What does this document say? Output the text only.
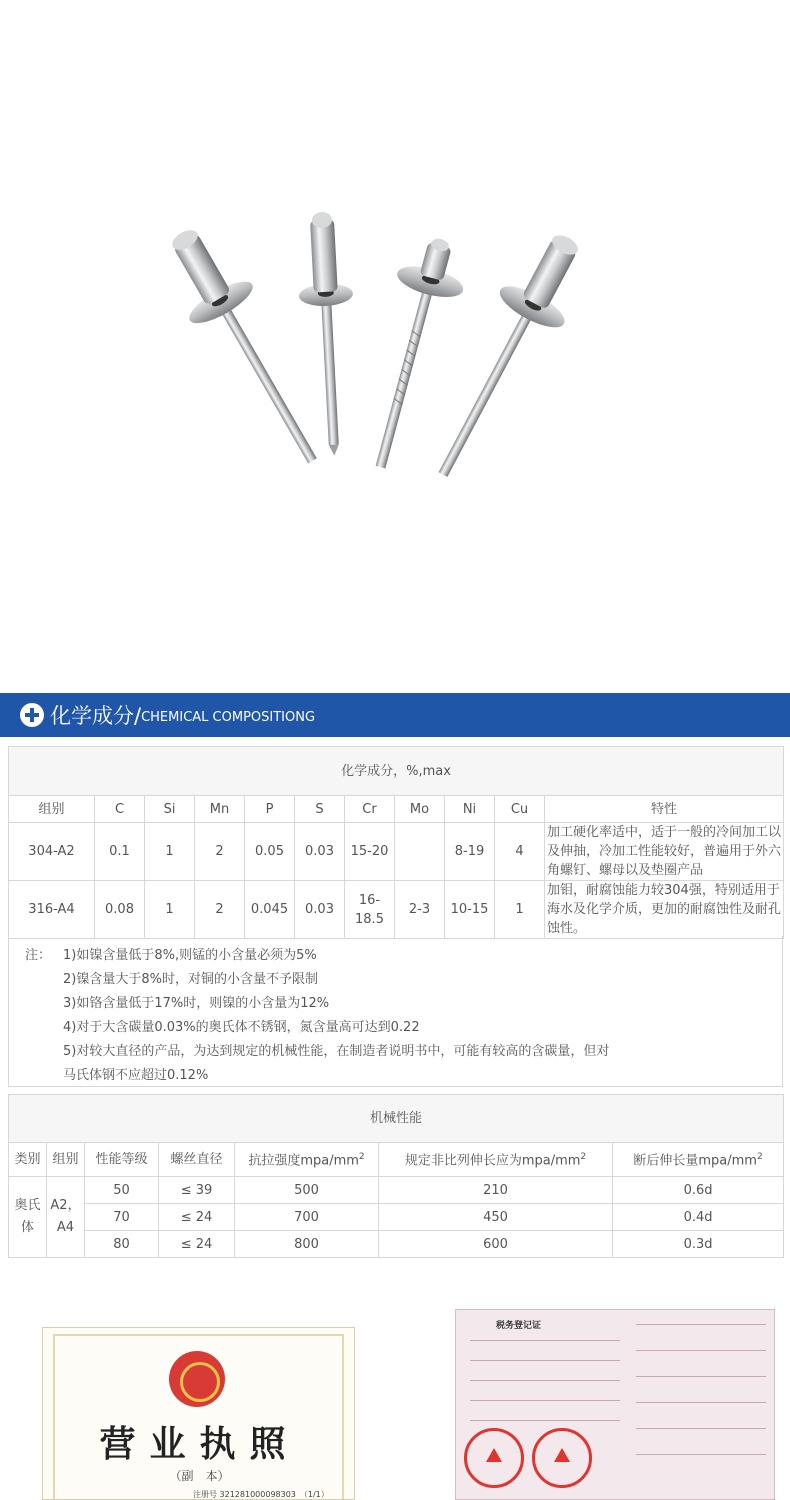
化学成分/ CHEMICAL COMPOSITIONG
化学成分，%,max										
组别	C	Si	Mn	P	S	Cr	Mo	Ni	Cu	特性
304-A2	0.1	1	2	0.05	0.03	15-20		8-19	4	加工硬化率适中，适于一般的冷间加工以及伸抽，冷加工性能较好，普遍用于外六角螺钉、螺母以及垫圈产品
316-A4	0.08	1	2	0.045	0.03	16-18.5	2-3	10-15	1	加钼，耐腐蚀能力较304强，特别适用于海水及化学介质，更加的耐腐蚀性及耐孔蚀性。
注： 1)如镍含量低于8%,则锰的小含量必须为5%
2)镍含量大于8%时，对铜的小含量不予限制
3)如铬含量低于17%时，则镍的小含量为12%
4)对于大含碳量0.03%的奥氏体不锈钢，氮含量高可达到0.22
5)对较大直径的产品，为达到规定的机械性能，在制造者说明书中，可能有较高的含碳量，但对
马氏体钢不应超过0.12%
机械性能						
类别	组别	性能等级	螺丝直径	抗拉强度mpa/$mm^2$	规定非比列伸长应为mpa/$mm^2$	断后伸长量mpa/$mm^2$
奥氏体	A2，A4	50	≤ 39	500	210	0.6d
		70	≤ 24	700	450	0.4d
		80	≤ 24	800	600	0.3d
营业执照
（副　本）
注册号 321281000098303　（1/1）
税务登记证
